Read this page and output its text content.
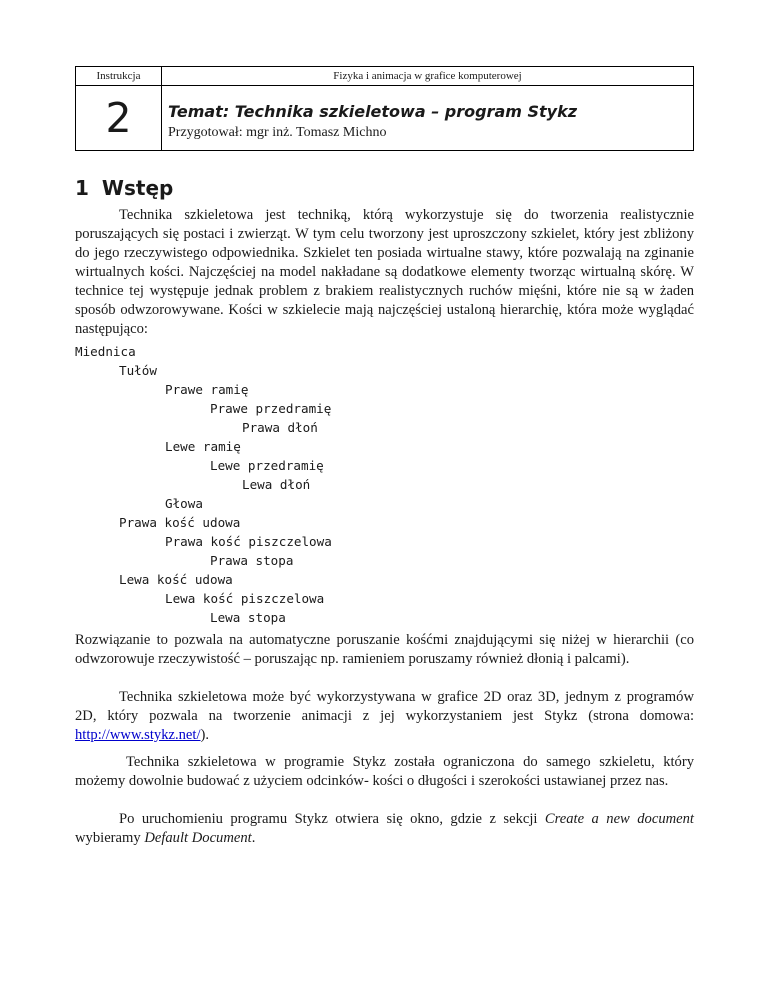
Instrukcja	Fizyka i animacja w grafice komputerowej
2	Temat: Technika szkieletowa – program Stykz
Przygotował: mgr inż. Tomasz Michno
1 Wstęp

Technika szkieletowa jest techniką, którą wykorzystuje się do tworzenia realistycznie poruszających się postaci i zwierząt. W tym celu tworzony jest uproszczony szkielet, który jest zbliżony do jego rzeczywistego odpowiednika. Szkielet ten posiada wirtualne stawy, które pozwalają na zginanie wirtualnych kości. Najczęściej na model nakładane są dodatkowe elementy tworząc wirtualną skórę. W technice tej występuje jednak problem z brakiem realistycznych ruchów mięśni, które nie są w żaden sposób odwzorowywane. Kości w szkielecie mają najczęściej ustaloną hierarchię, która może wyglądać następująco:

Miednica
Tułów
Prawe ramię
Prawe przedramię
Prawa dłoń
Lewe ramię
Lewe przedramię
Lewa dłoń
Głowa
Prawa kość udowa
Prawa kość piszczelowa
Prawa stopa
Lewa kość udowa
Lewa kość piszczelowa
Lewa stopa

Rozwiązanie to pozwala na automatyczne poruszanie kośćmi znajdującymi się niżej w hierarchii (co odwzorowuje rzeczywistość – poruszając np. ramieniem poruszamy również dłonią i palcami).

Technika szkieletowa może być wykorzystywana w grafice 2D oraz 3D, jednym z programów 2D, który pozwala na tworzenie animacji z jej wykorzystaniem jest Stykz (strona domowa: http://www.stykz.net/).

Technika szkieletowa w programie Stykz została ograniczona do samego szkieletu, który możemy dowolnie budować z użyciem odcinków- kości o długości i szerokości ustawianej przez nas.

Po uruchomieniu programu Stykz otwiera się okno, gdzie z sekcji Create a new document wybieramy Default Document.
